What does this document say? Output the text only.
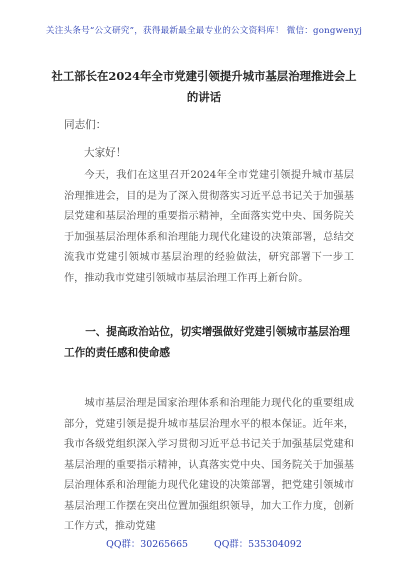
关注头条号“公文研究”，获得最新最全最专业的公文资料库！ 微信：gongwenyj
社工部长在2024年全市党建引领提升城市基层治理推进会上的讲话
同志们：
大家好！

今天，我们在这里召开2024年全市党建引领提升城市基层治理推进会，目的是为了深入贯彻落实习近平总书记关于加强基层党建和基层治理的重要指示精神，全面落实党中央、国务院关于加强基层治理体系和治理能力现代化建设的决策部署，总结交流我市党建引领城市基层治理的经验做法，研究部署下一步工作，推动我市党建引领城市基层治理工作再上新台阶。

一、提高政治站位，切实增强做好党建引领城市基层治理工作的责任感和使命感

城市基层治理是国家治理体系和治理能力现代化的重要组成部分，党建引领是提升城市基层治理水平的根本保证。近年来，我市各级党组织深入学习贯彻习近平总书记关于加强基层党建和基层治理的重要指示精神，认真落实党中央、国务院关于加强基层治理体系和治理能力现代化建设的决策部署，把党建引领城市基层治理工作摆在突出位置加强组织领导，加大工作力度，创新工作方式，推动党建

QQ群：30265665	QQ群：535304092
